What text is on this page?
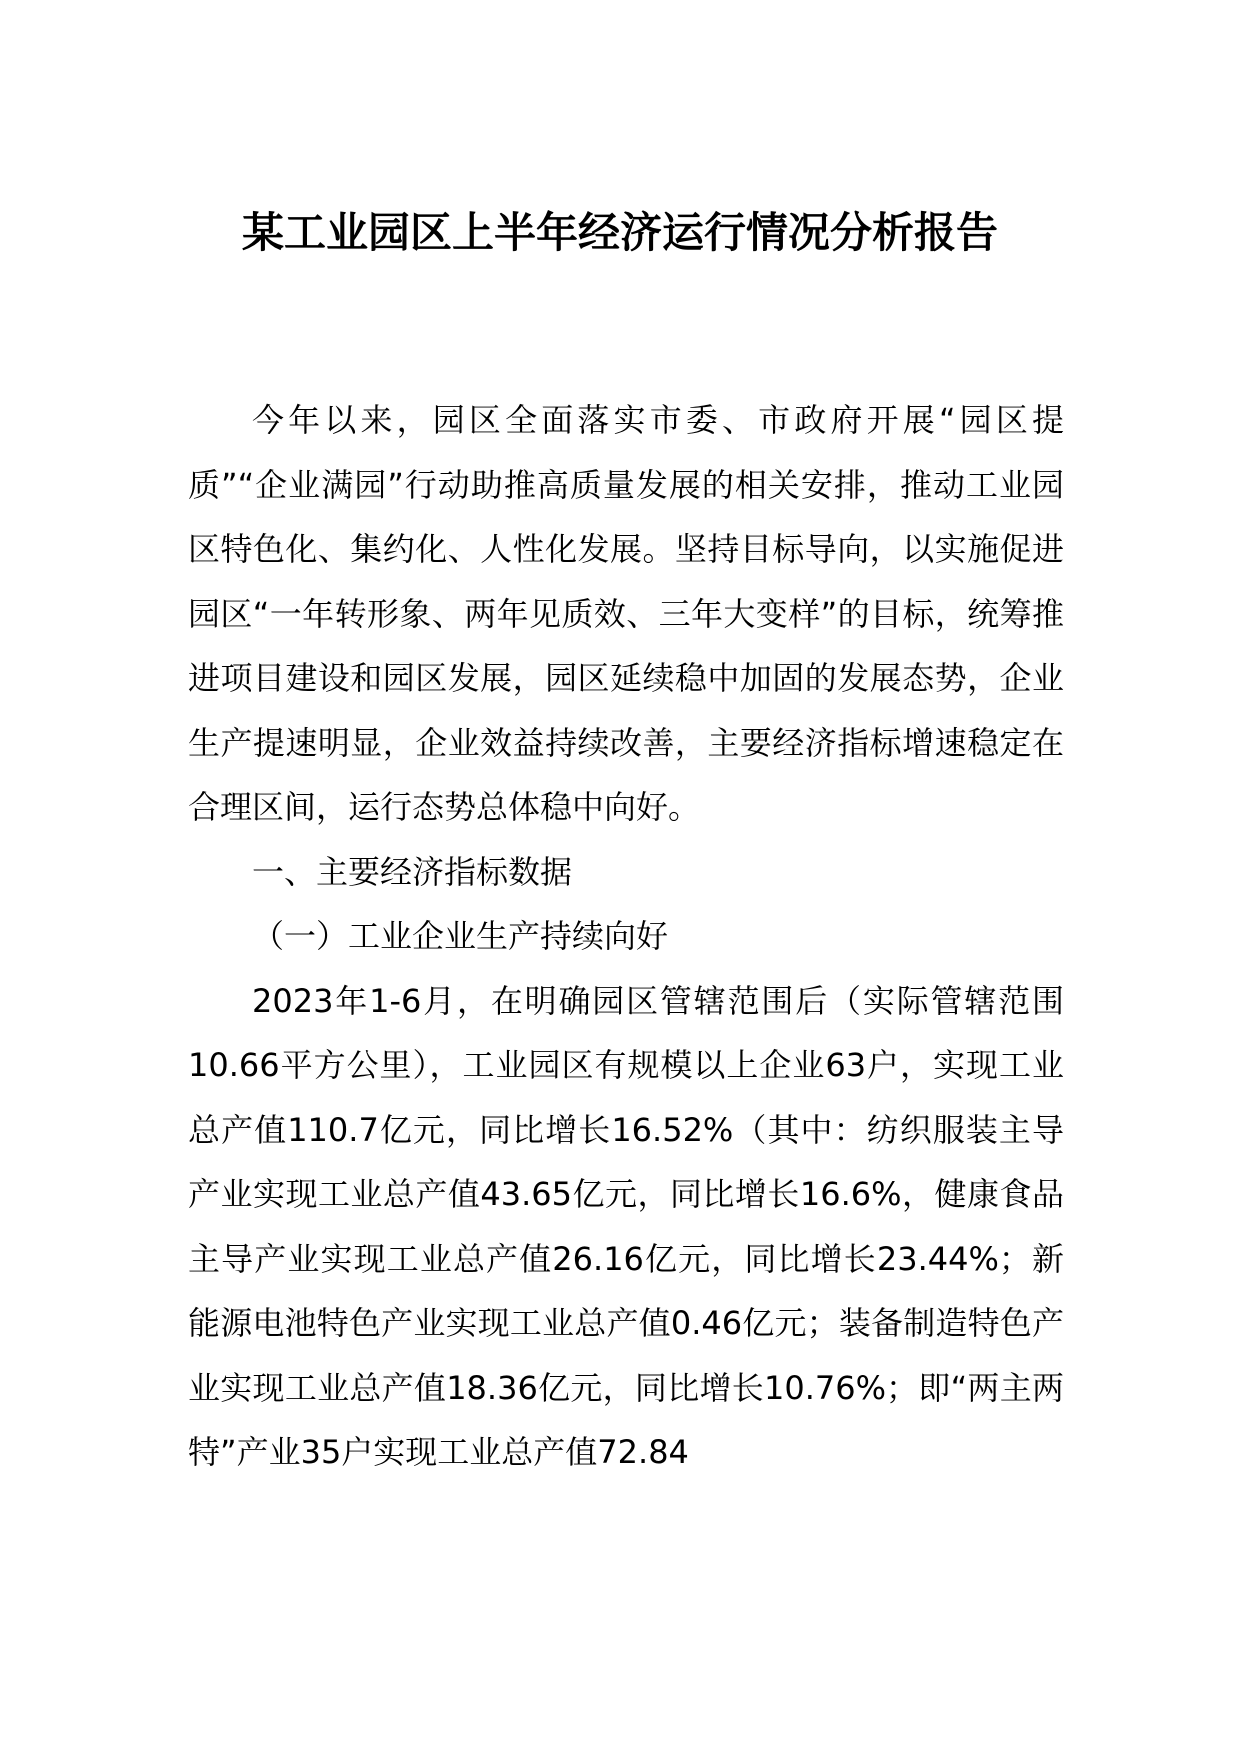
某工业园区上半年经济运行情况分析报告

今年以来，园区全面落实市委、市政府开展“园区提质”“企业满园”行动助推高质量发展的相关安排，推动工业园区特色化、集约化、人性化发展。坚持目标导向，以实施促进园区“一年转形象、两年见质效、三年大变样”的目标，统筹推进项目建设和园区发展，园区延续稳中加固的发展态势，企业生产提速明显，企业效益持续改善，主要经济指标增速稳定在合理区间，运行态势总体稳中向好。

一、主要经济指标数据

（一）工业企业生产持续向好

2023年1-6月，在明确园区管辖范围后（实际管辖范围10.66平方公里），工业园区有规模以上企业63户，实现工业总产值110.7亿元，同比增长16.52%（其中：纺织服装主导产业实现工业总产值43.65亿元，同比增长16.6%，健康食品主导产业实现工业总产值26.16亿元，同比增长23.44%；新能源电池特色产业实现工业总产值0.46亿元；装备制造特色产业实现工业总产值18.36亿元，同比增长10.76%；即“两主两特”产业35户实现工业总产值72.84
